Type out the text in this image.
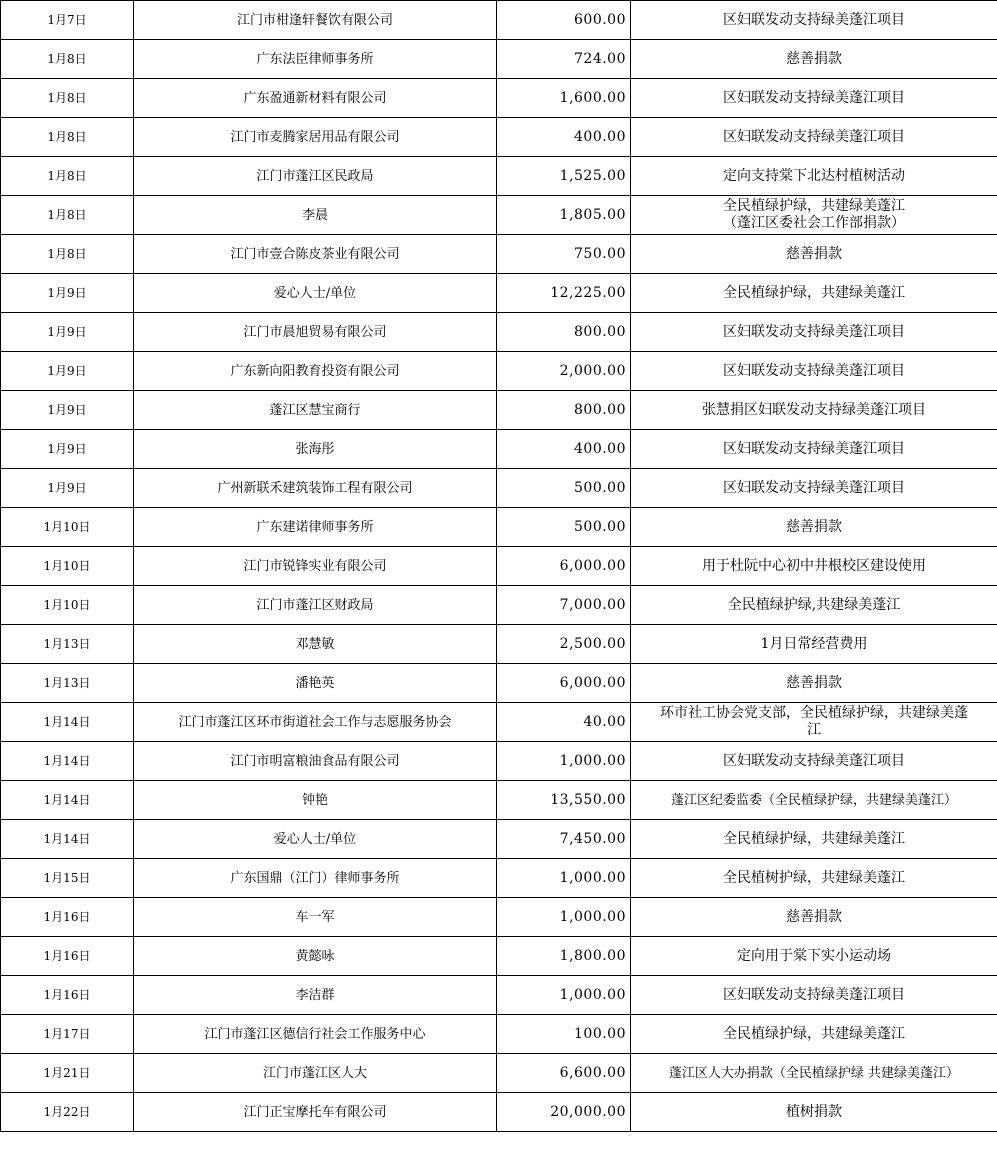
1月7日	江门市柑逢轩餐饮有限公司	600.00	区妇联发动支持绿美蓬江项目
1月8日	广东法臣律师事务所	724.00	慈善捐款
1月8日	广东盈通新材料有限公司	1,600.00	区妇联发动支持绿美蓬江项目
1月8日	江门市麦腾家居用品有限公司	400.00	区妇联发动支持绿美蓬江项目
1月8日	江门市蓬江区民政局	1,525.00	定向支持棠下北达村植树活动
1月8日	李晨	1,805.00	全民植绿护绿，共建绿美蓬江
（蓬江区委社会工作部捐款）
1月8日	江门市壹合陈皮茶业有限公司	750.00	慈善捐款
1月9日	爱心人士/单位	12,225.00	全民植绿护绿，共建绿美蓬江
1月9日	江门市晨旭贸易有限公司	800.00	区妇联发动支持绿美蓬江项目
1月9日	广东新向阳教育投资有限公司	2,000.00	区妇联发动支持绿美蓬江项目
1月9日	蓬江区慧宝商行	800.00	张慧捐区妇联发动支持绿美蓬江项目
1月9日	张海彤	400.00	区妇联发动支持绿美蓬江项目
1月9日	广州新联禾建筑装饰工程有限公司	500.00	区妇联发动支持绿美蓬江项目
1月10日	广东建诺律师事务所	500.00	慈善捐款
1月10日	江门市锐锋实业有限公司	6,000.00	用于杜阮中心初中井根校区建设使用
1月10日	江门市蓬江区财政局	7,000.00	全民植绿护绿,共建绿美蓬江
1月13日	邓慧敏	2,500.00	1月日常经营费用
1月13日	潘艳英	6,000.00	慈善捐款
1月14日	江门市蓬江区环市街道社会工作与志愿服务协会	40.00	环市社工协会党支部，全民植绿护绿，共建绿美蓬
江
1月14日	江门市明富粮油食品有限公司	1,000.00	区妇联发动支持绿美蓬江项目
1月14日	钟艳	13,550.00	蓬江区纪委监委（全民植绿护绿，共建绿美蓬江）
1月14日	爱心人士/单位	7,450.00	全民植绿护绿，共建绿美蓬江
1月15日	广东国鼎（江门）律师事务所	1,000.00	全民植树护绿，共建绿美蓬江
1月16日	车一军	1,000.00	慈善捐款
1月16日	黄懿咏	1,800.00	定向用于棠下实小运动场
1月16日	李洁群	1,000.00	区妇联发动支持绿美蓬江项目
1月17日	江门市蓬江区德信行社会工作服务中心	100.00	全民植绿护绿，共建绿美蓬江
1月21日	江门市蓬江区人大	6,600.00	蓬江区人大办捐款（全民植绿护绿 共建绿美蓬江）
1月22日	江门正宝摩托车有限公司	20,000.00	植树捐款
